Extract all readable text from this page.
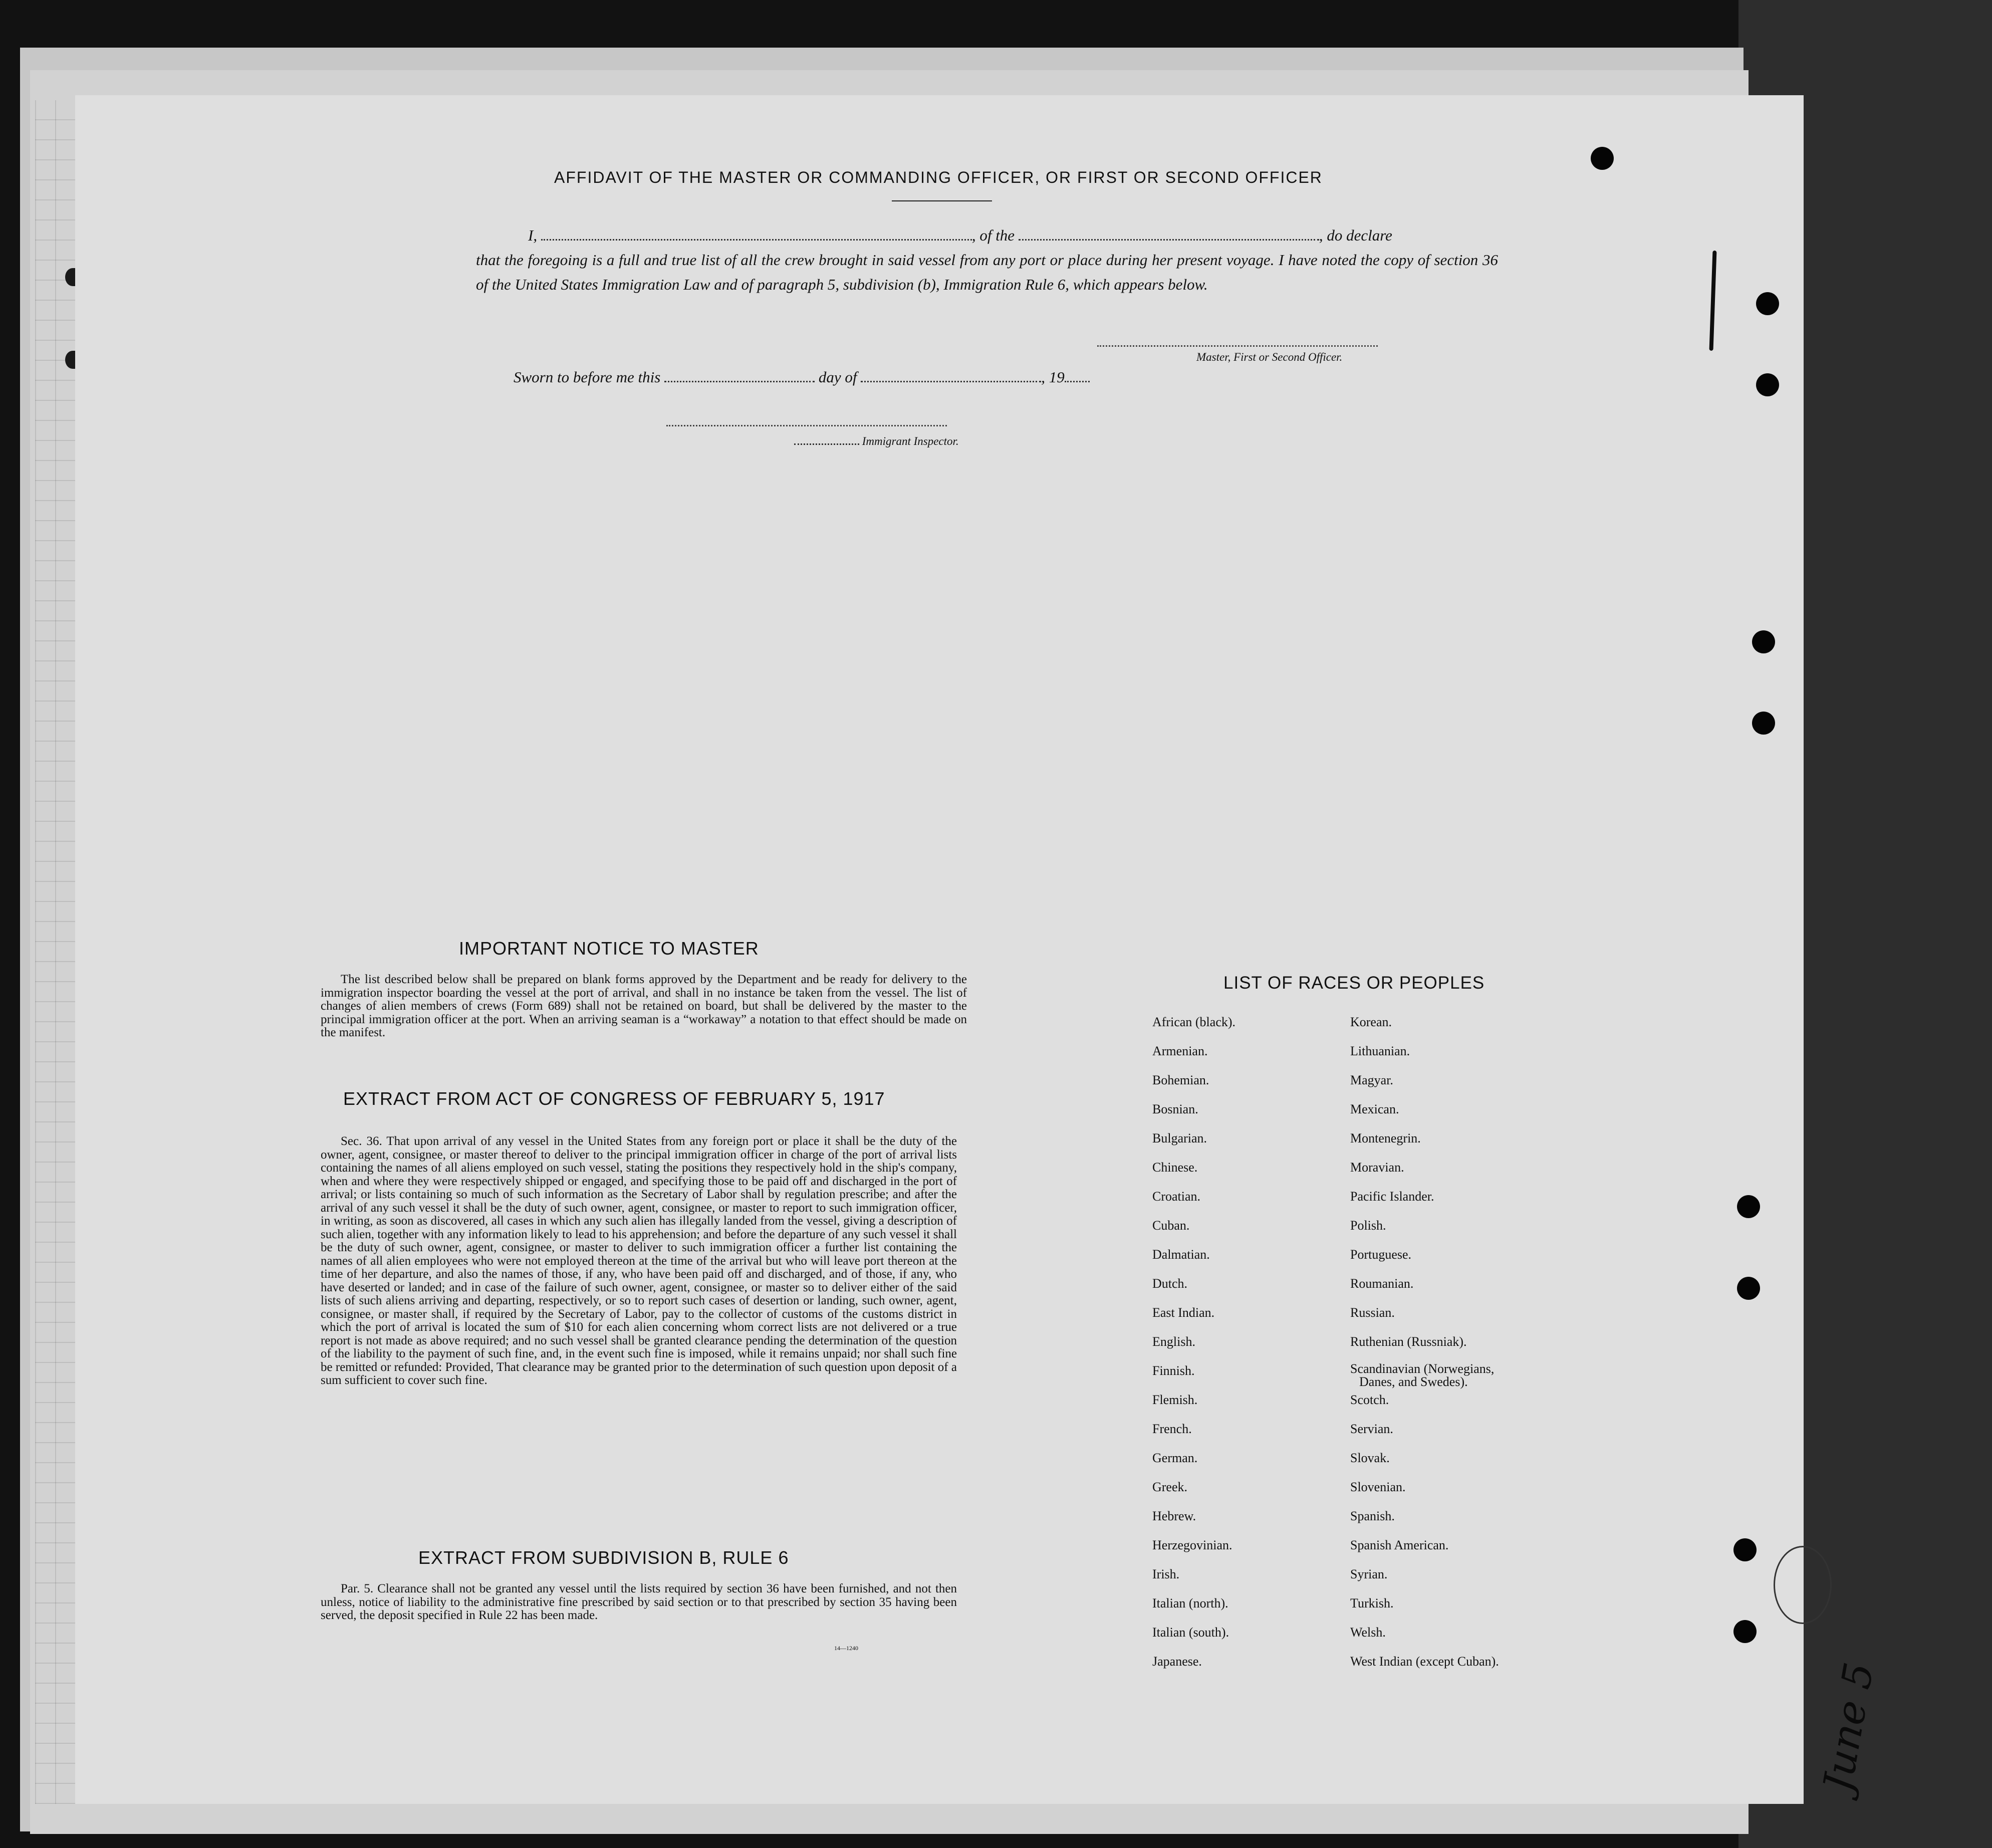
AFFIDAVIT OF THE MASTER OR COMMANDING OFFICER, OR FIRST OR SECOND OFFICER
I,	, of the	, do declare
that the foregoing is a full and true list of all the crew brought in said vessel from any port or place during her present voyage. I have noted the copy of section 36 of the United States Immigration Law and of paragraph 5, subdivision (b), Immigration Rule 6, which appears below.
Master, First or Second Officer.
Sworn to before me this	day of	, 19
Immigrant Inspector.
IMPORTANT NOTICE TO MASTER
The list described below shall be prepared on blank forms approved by the Department and be ready for delivery to the immigration inspector boarding the vessel at the port of arrival, and shall in no instance be taken from the vessel. The list of changes of alien members of crews (Form 689) shall not be retained on board, but shall be delivered by the master to the principal immigration officer at the port. When an arriving seaman is a “workaway” a notation to that effect should be made on the manifest.
EXTRACT FROM ACT OF CONGRESS OF FEBRUARY 5, 1917
Sec. 36. That upon arrival of any vessel in the United States from any foreign port or place it shall be the duty of the owner, agent, consignee, or master thereof to deliver to the principal immigration officer in charge of the port of arrival lists containing the names of all aliens employed on such vessel, stating the positions they respectively hold in the ship's company, when and where they were respectively shipped or engaged, and specifying those to be paid off and discharged in the port of arrival; or lists containing so much of such information as the Secretary of Labor shall by regulation prescribe; and after the arrival of any such vessel it shall be the duty of such owner, agent, consignee, or master to report to such immigration officer, in writing, as soon as discovered, all cases in which any such alien has illegally landed from the vessel, giving a description of such alien, together with any information likely to lead to his apprehension; and before the departure of any such vessel it shall be the duty of such owner, agent, consignee, or master to deliver to such immigration officer a further list containing the names of all alien employees who were not employed thereon at the time of the arrival but who will leave port thereon at the time of her departure, and also the names of those, if any, who have been paid off and discharged, and of those, if any, who have deserted or landed; and in case of the failure of such owner, agent, consignee, or master so to deliver either of the said lists of such aliens arriving and departing, respectively, or so to report such cases of desertion or landing, such owner, agent, consignee, or master shall, if required by the Secretary of Labor, pay to the collector of customs of the customs district in which the port of arrival is located the sum of $10 for each alien concerning whom correct lists are not delivered or a true report is not made as above required; and no such vessel shall be granted clearance pending the determination of the question of the liability to the payment of such fine, and, in the event such fine is imposed, while it remains unpaid; nor shall such fine be remitted or refunded: Provided, That clearance may be granted prior to the determination of such question upon deposit of a sum sufficient to cover such fine.
EXTRACT FROM SUBDIVISION B, RULE 6
Par. 5. Clearance shall not be granted any vessel until the lists required by section 36 have been furnished, and not then unless, notice of liability to the administrative fine prescribed by said section or to that prescribed by section 35 having been served, the deposit specified in Rule 22 has been made.
14—1240
LIST OF RACES OR PEOPLES
African (black).
Armenian.
Bohemian.
Bosnian.
Bulgarian.
Chinese.
Croatian.
Cuban.
Dalmatian.
Dutch.
East Indian.
English.
Finnish.
Flemish.
French.
German.
Greek.
Hebrew.
Herzegovinian.
Irish.
Italian (north).
Italian (south).
Japanese.
Korean.
Lithuanian.
Magyar.
Mexican.
Montenegrin.
Moravian.
Pacific Islander.
Polish.
Portuguese.
Roumanian.
Russian.
Ruthenian (Russniak).
Scandinavian (Norwegians,
Danes, and Swedes).
Scotch.
Servian.
Slovak.
Slovenian.
Spanish.
Spanish American.
Syrian.
Turkish.
Welsh.
West Indian (except Cuban).	June 5
